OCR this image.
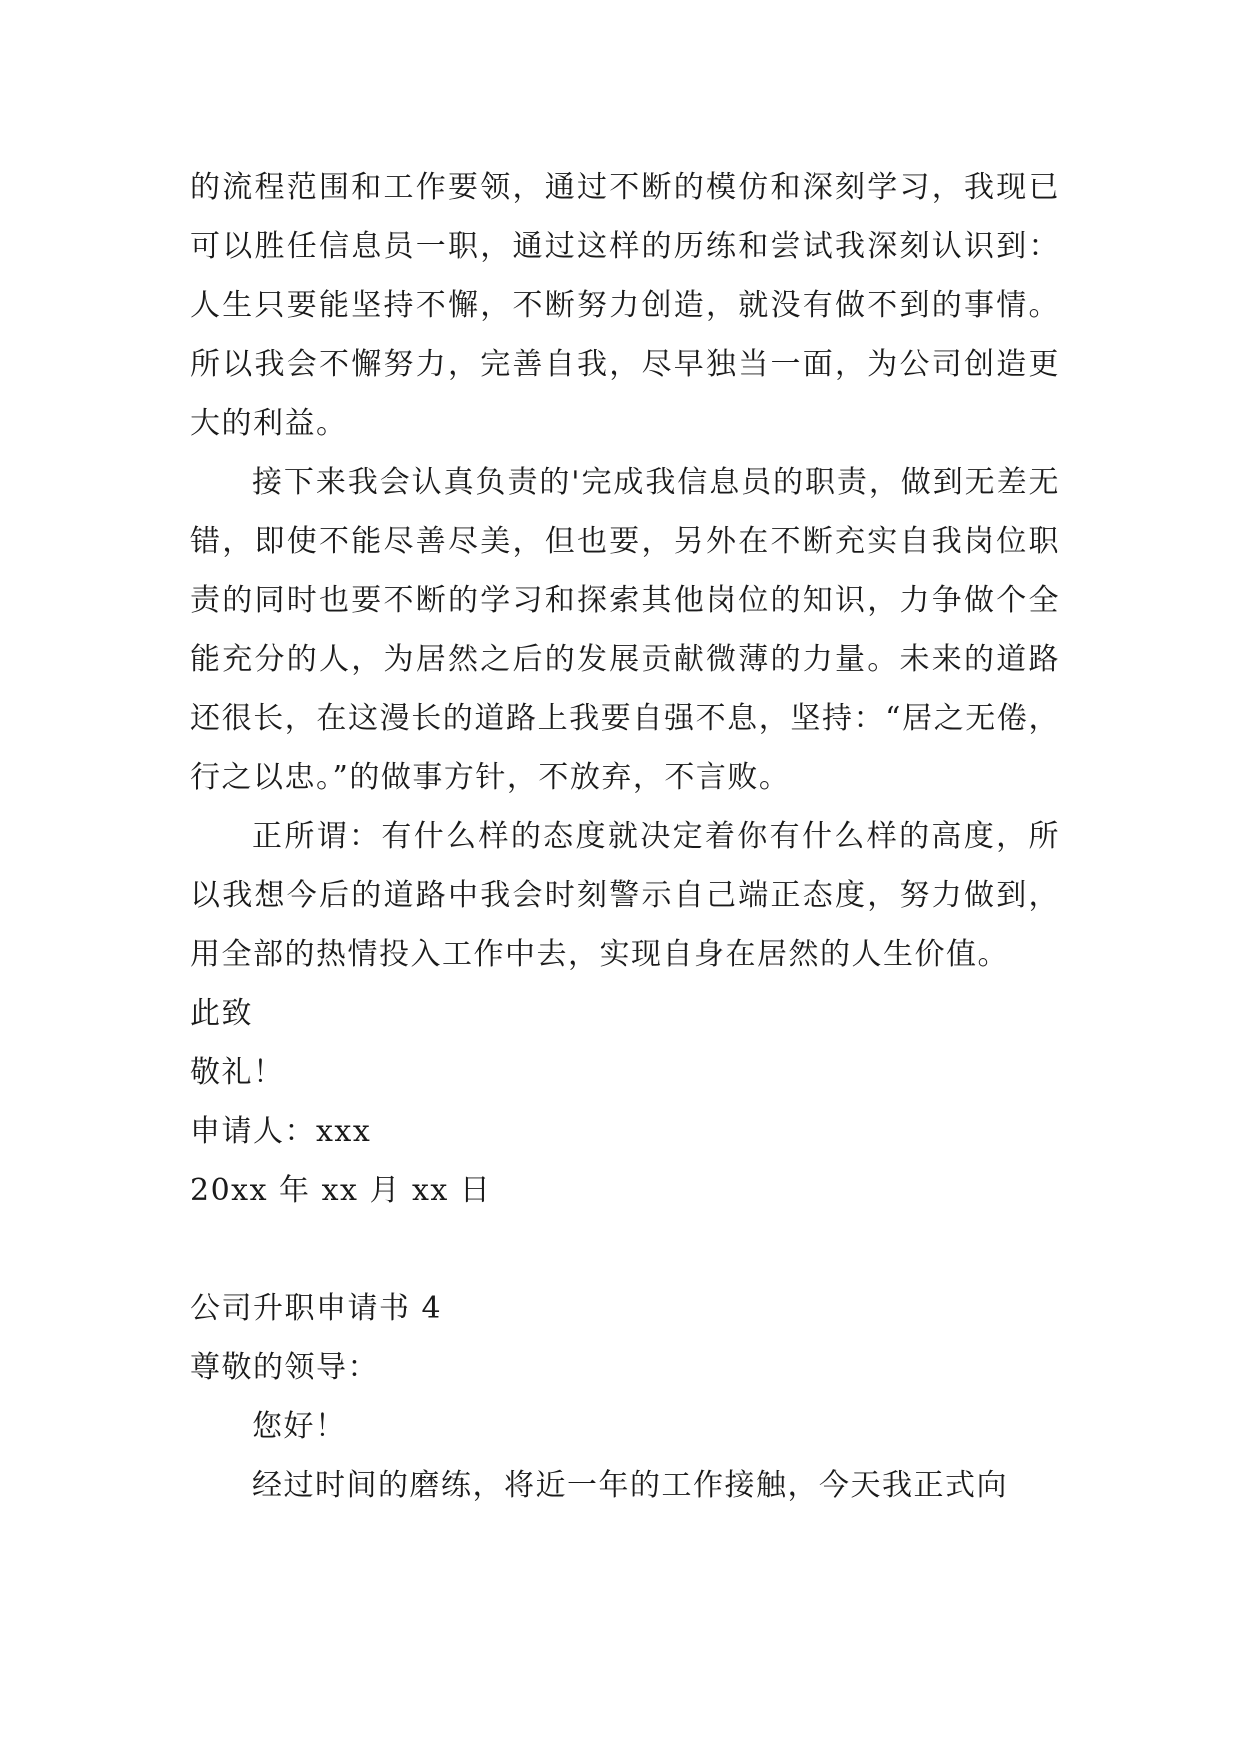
的流程范围和工作要领，通过不断的模仿和深刻学习，我现已可以胜任信息员一职，通过这样的历练和尝试我深刻认识到：人生只要能坚持不懈，不断努力创造，就没有做不到的事情。所以我会不懈努力，完善自我，尽早独当一面，为公司创造更大的利益。

接下来我会认真负责的'完成我信息员的职责，做到无差无错，即使不能尽善尽美，但也要，另外在不断充实自我岗位职责的同时也要不断的学习和探索其他岗位的知识，力争做个全能充分的人，为居然之后的发展贡献微薄的力量。未来的道路还很长，在这漫长的道路上我要自强不息，坚持：“居之无倦，行之以忠。”的做事方针，不放弃，不言败。

正所谓：有什么样的态度就决定着你有什么样的高度，所以我想今后的道路中我会时刻警示自己端正态度，努力做到，用全部的热情投入工作中去，实现自身在居然的人生价值。

此致

敬礼！

申请人：xxx

20xx 年 xx 月 xx 日

公司升职申请书 4

尊敬的领导：

您好！

经过时间的磨练，将近一年的工作接触，今天我正式向
